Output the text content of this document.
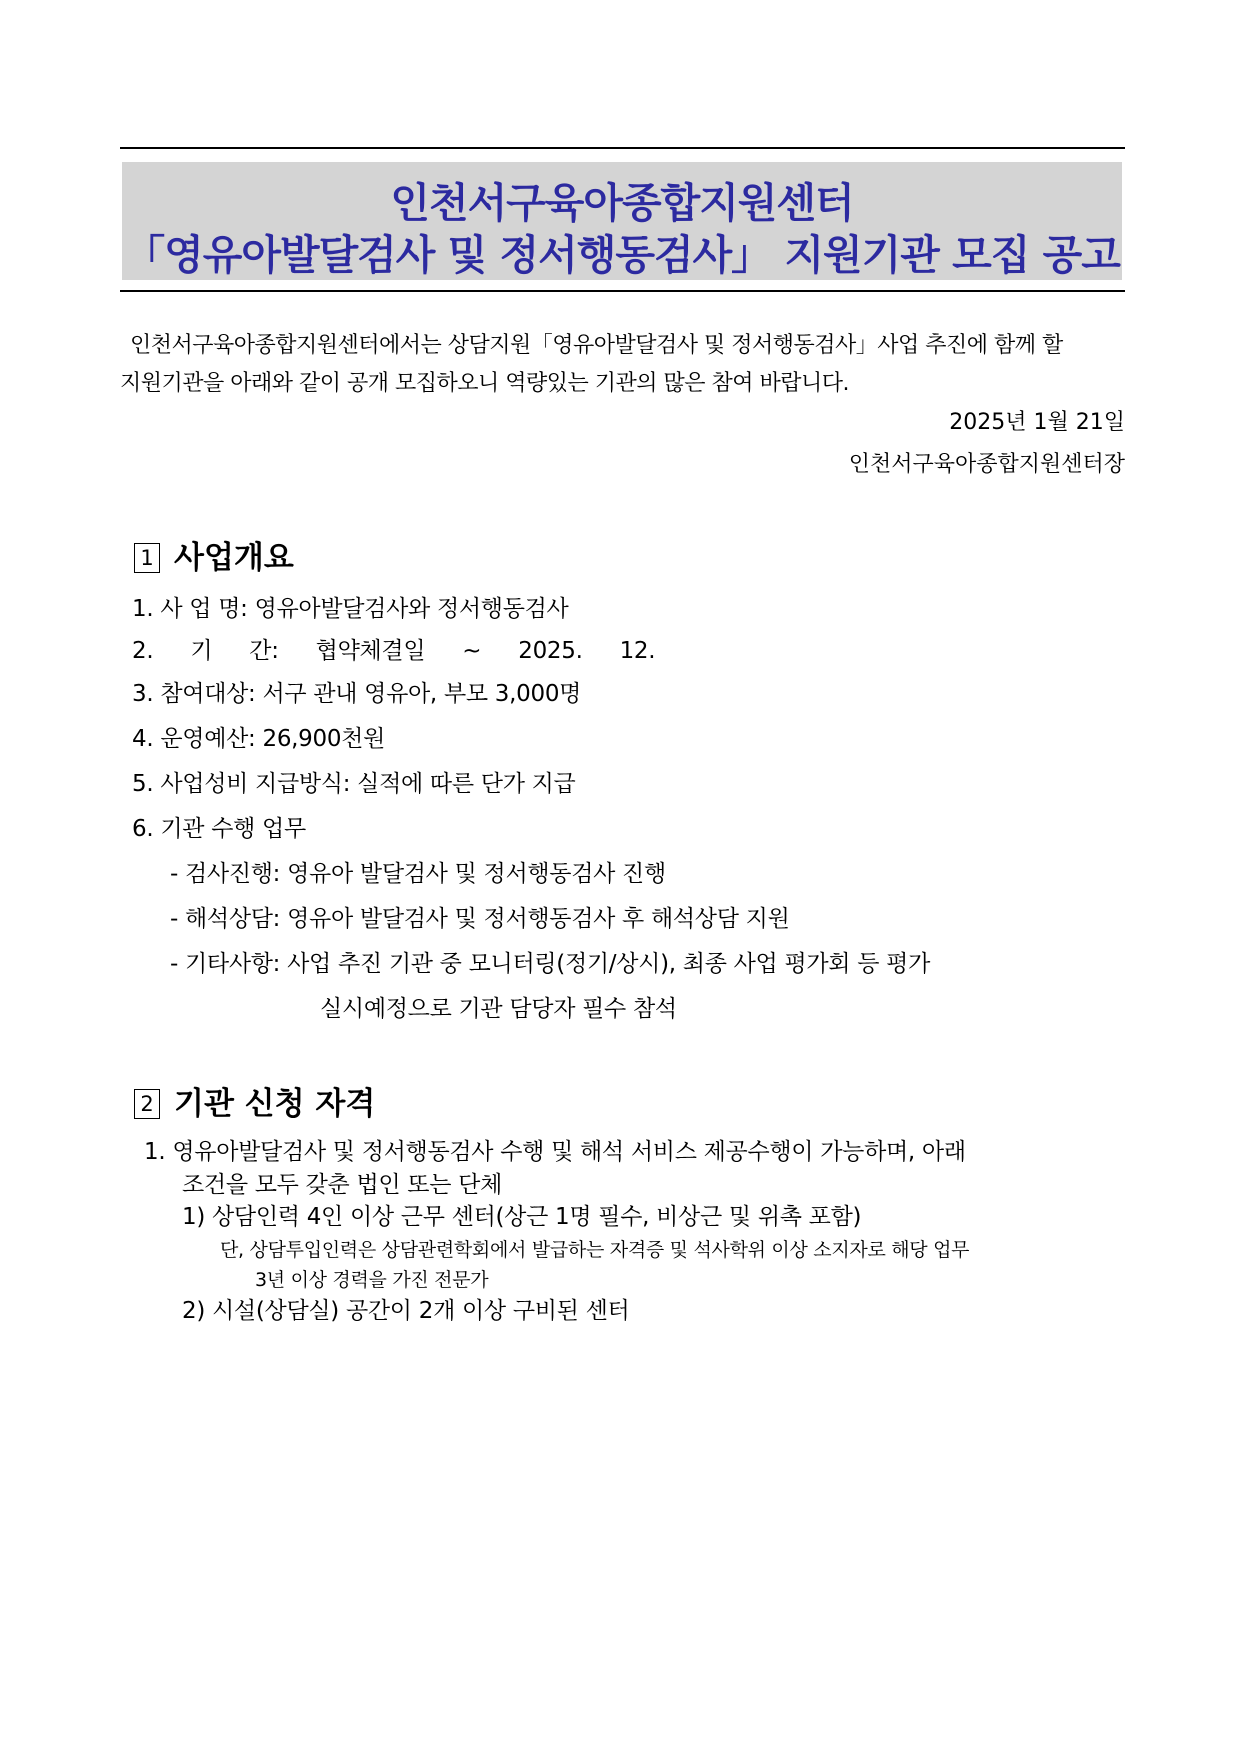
인천서구육아종합지원센터
「영유아발달검사 및 정서행동검사」 지원기관 모집 공고

인천서구육아종합지원센터에서는 상담지원「영유아발달검사 및 정서행동검사」사업 추진에 함께 할

지원기관을 아래와 같이 공개 모집하오니 역량있는 기관의 많은 참여 바랍니다.

2025년 1월 21일
인천서구육아종합지원센터장
1 사업개요
1. 사 업 명: 영유아발달검사와 정서행동검사
2. 기 간: 협약체결일 ~ 2025. 12.
3. 참여대상: 서구 관내 영유아, 부모 3,000명
4. 운영예산: 26,900천원
5. 사업성비 지급방식: 실적에 따른 단가 지급
6. 기관 수행 업무
- 검사진행: 영유아 발달검사 및 정서행동검사 진행
- 해석상담: 영유아 발달검사 및 정서행동검사 후 해석상담 지원
- 기타사항: 사업 추진 기관 중 모니터링(정기/상시), 최종 사업 평가회 등 평가
실시예정으로 기관 담당자 필수 참석
2 기관 신청 자격
1. 영유아발달검사 및 정서행동검사 수행 및 해석 서비스 제공수행이 가능하며, 아래
조건을 모두 갖춘 법인 또는 단체
1) 상담인력 4인 이상 근무 센터(상근 1명 필수, 비상근 및 위촉 포함)
단, 상담투입인력은 상담관련학회에서 발급하는 자격증 및 석사학위 이상 소지자로 해당 업무
3년 이상 경력을 가진 전문가
2) 시설(상담실) 공간이 2개 이상 구비된 센터
